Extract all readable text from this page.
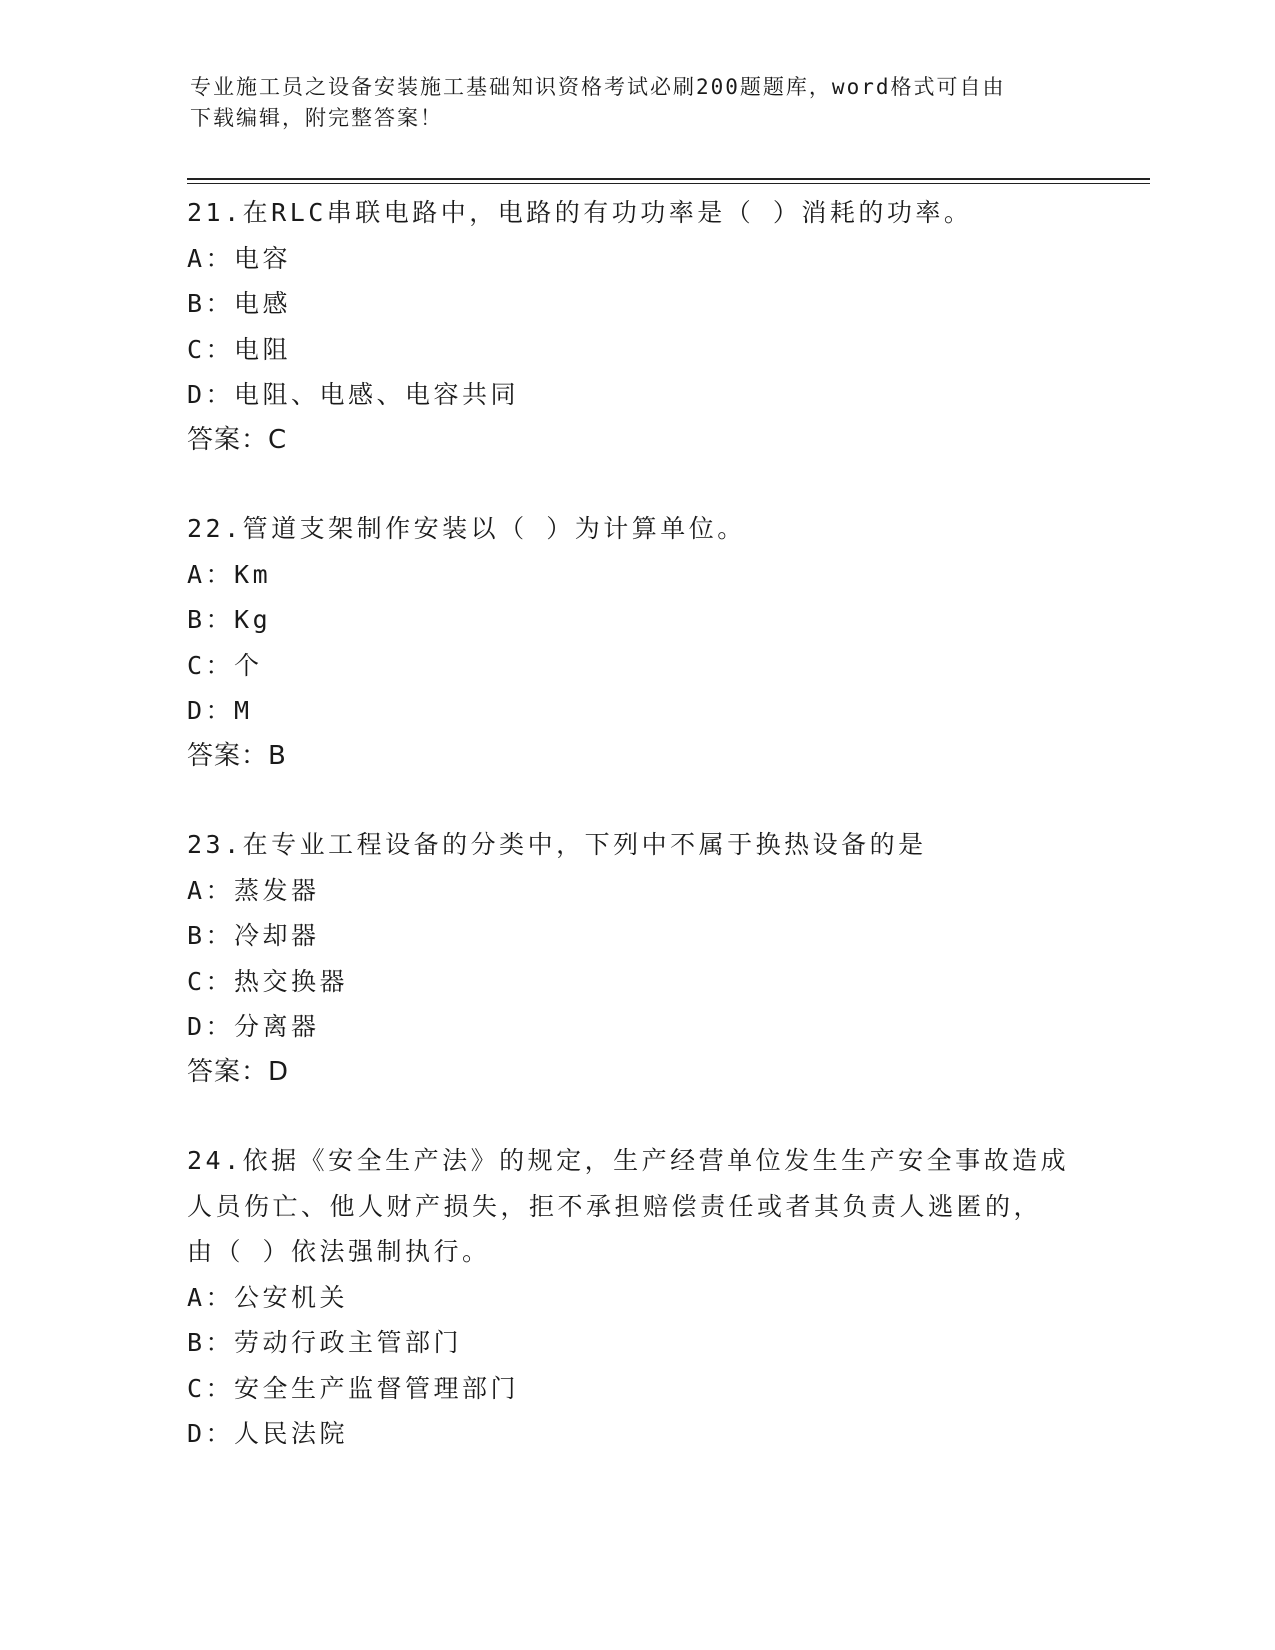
专业施工员之设备安装施工基础知识资格考试必刷200题题库，word格式可自由
下载编辑，附完整答案！
21.在RLC串联电路中，电路的有功功率是（ ）消耗的功率。
A：电容
B：电感
C：电阻
D：电阻、电感、电容共同
答案：C
22.管道支架制作安装以（ ）为计算单位。
A：Km
B：Kg
C：个
D：M
答案：B
23.在专业工程设备的分类中，下列中不属于换热设备的是
A：蒸发器
B：冷却器
C：热交换器
D：分离器
答案：D
24.依据《安全生产法》的规定，生产经营单位发生生产安全事故造成
人员伤亡、他人财产损失，拒不承担赔偿责任或者其负责人逃匿的，
由（ ）依法强制执行。
A：公安机关
B：劳动行政主管部门
C：安全生产监督管理部门
D：人民法院
